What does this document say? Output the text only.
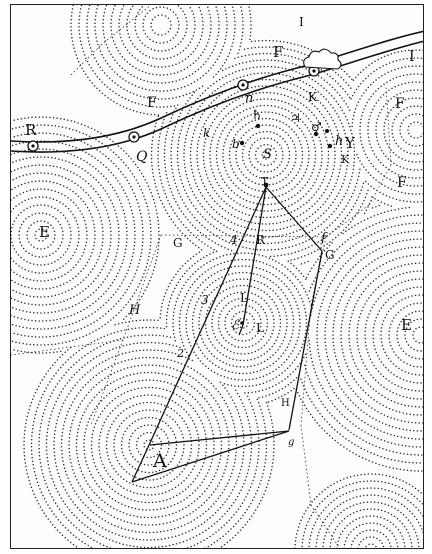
I
F	I
F	n	K	F
R
Q
k
b
♄ ♃
♂
h Y
K
S
F
T
E
G	4 R	f
G
3	L
H
ℰ L	E
2
H
A
g
